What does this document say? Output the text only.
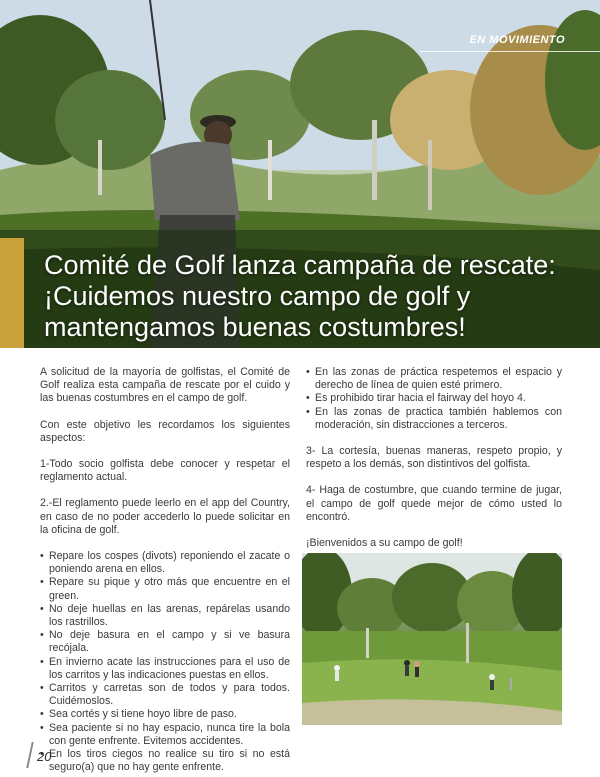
EN MOVIMIENTO
Comité de Golf lanza campaña de rescate: ¡Cuidemos nuestro campo de golf y mantengamos buenas costumbres!

A solicitud de la mayoría de golfistas, el Comité de Golf realiza esta campaña de rescate por el cuido y las buenas costumbres en el campo de golf.

Con este objetivo les recordamos los siguientes aspectos:

1-Todo socio golfista debe conocer y respetar el reglamento actual.

2.-El reglamento puede leerlo en el app del Country, en caso de no poder accederlo lo puede solicitar en la oficina de golf.

• Repare los cospes (divots) reponiendo el zacate o poniendo arena en ellos.
• Repare su pique y otro más que encuentre en el green.
• No deje huellas en las arenas, repárelas usando los rastrillos.
• No deje basura en el campo y si ve basura recójala.
• En invierno acate las instrucciones para el uso de los carritos y las indicaciones puestas en ellos.
• Carritos y carretas son de todos y para todos. Cuidémoslos.
• Sea cortés y si tiene hoyo libre de paso.
• Sea paciente si no hay espacio, nunca tire la bola con gente enfrente. Evitemos accidentes.
• En los tiros ciegos no realice su tiro si no está seguro(a) que no hay gente enfrente.
• En las zonas de práctica respetemos el espacio y derecho de línea de quien esté primero.
• Es prohibido tirar hacia el fairway del hoyo 4.
• En las zonas de practica también hablemos con moderación, sin distracciones a terceros.

3- La cortesía, buenas maneras, respeto propio, y respeto a los demás, son distintivos del golfista.

4- Haga de costumbre, que cuando termine de jugar, el campo de golf quede mejor de cómo usted lo encontró.

¡Bienvenidos a su campo de golf!

20
